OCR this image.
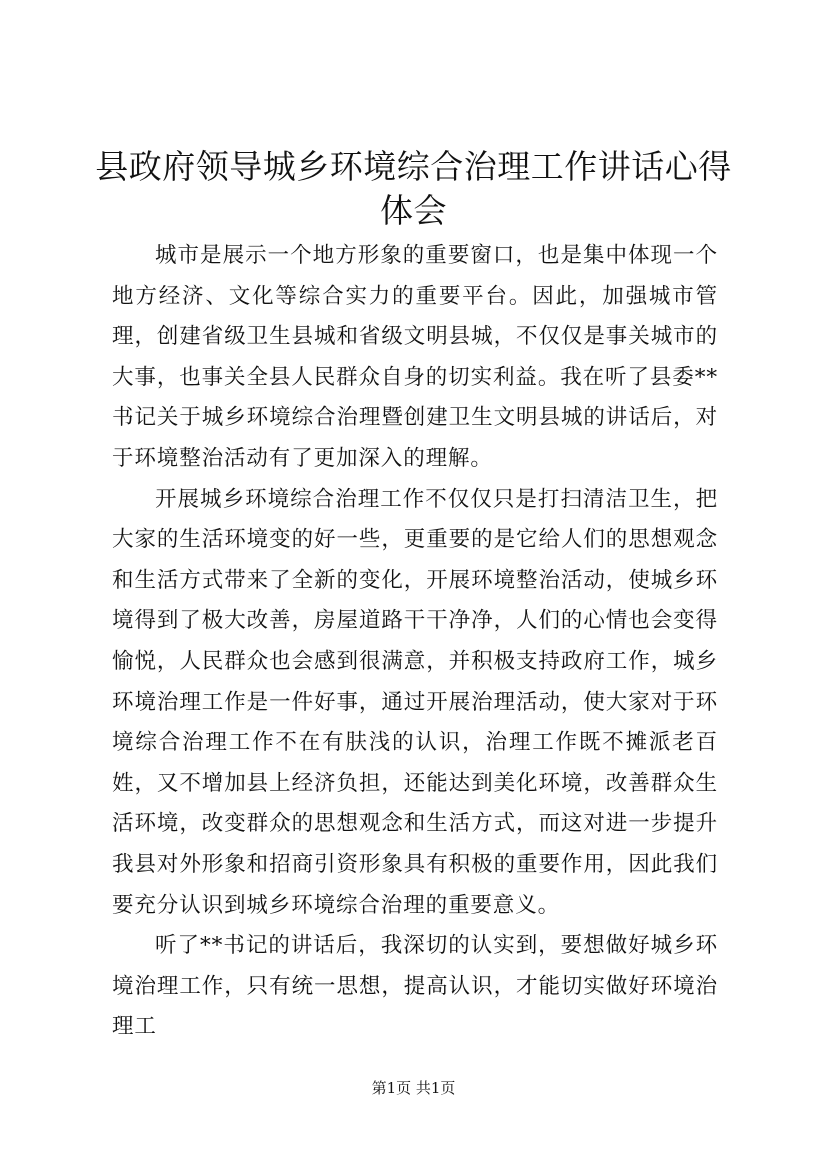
县政府领导城乡环境综合治理工作讲话心得体会

城市是展示一个地方形象的重要窗口，也是集中体现一个地方经济、文化等综合实力的重要平台。因此，加强城市管理，创建省级卫生县城和省级文明县城，不仅仅是事关城市的大事，也事关全县人民群众自身的切实利益。我在听了县委**书记关于城乡环境综合治理暨创建卫生文明县城的讲话后，对于环境整治活动有了更加深入的理解。

开展城乡环境综合治理工作不仅仅只是打扫清洁卫生，把大家的生活环境变的好一些，更重要的是它给人们的思想观念和生活方式带来了全新的变化，开展环境整治活动，使城乡环境得到了极大改善，房屋道路干干净净，人们的心情也会变得愉悦，人民群众也会感到很满意，并积极支持政府工作，城乡环境治理工作是一件好事，通过开展治理活动，使大家对于环境综合治理工作不在有肤浅的认识，治理工作既不摊派老百姓，又不增加县上经济负担，还能达到美化环境，改善群众生活环境，改变群众的思想观念和生活方式，而这对进一步提升我县对外形象和招商引资形象具有积极的重要作用，因此我们要充分认识到城乡环境综合治理的重要意义。

听了**书记的讲话后，我深切的认实到，要想做好城乡环境治理工作，只有统一思想，提高认识，才能切实做好环境治理工

第1页 共1页
